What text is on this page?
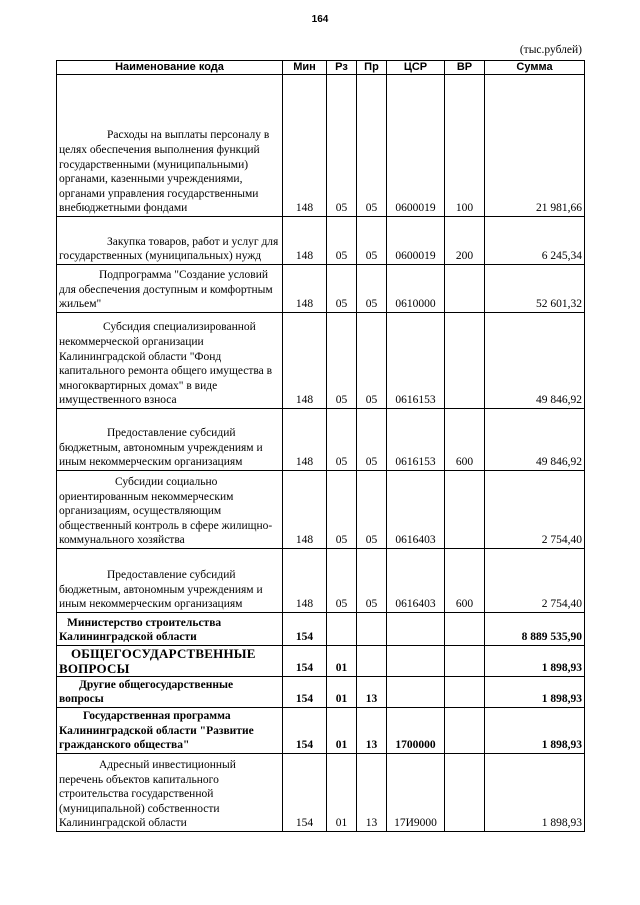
164
(тыс.рублей)
Наименование кода	Мин	Рз	Пр	ЦСР	ВР	Сумма

Расходы на выплаты персоналу в целях обеспечения выполнения функций государственными (муниципальными) органами, казенными учреждениями, органами управления государственными внебюджетными фондами	148	05	05	0600019	100	21 981,66

Закупка товаров, работ и услуг для государственных (муниципальных) нужд	148	05	05	0600019	200	6 245,34

Подпрограмма "Создание условий для обеспечения доступным и комфортным жильем"	148	05	05	0610000		52 601,32

Субсидия специализированной некоммерческой организации Калининградской области "Фонд капитального ремонта общего имущества в многоквартирных домах" в виде имущественного взноса	148	05	05	0616153		49 846,92

Предоставление субсидий бюджетным, автономным учреждениям и иным некоммерческим организациям	148	05	05	0616153	600	49 846,92

Субсидии социально ориентированным некоммерческим организациям, осуществляющим общественный контроль в сфере жилищно-коммунального хозяйства	148	05	05	0616403		2 754,40

Предоставление субсидий бюджетным, автономным учреждениям и иным некоммерческим организациям	148	05	05	0616403	600	2 754,40

Министерство строительства Калининградской области	154					8 889 535,90

ОБЩЕГОСУДАРСТВЕННЫЕ ВОПРОСЫ	154	01				1 898,93

Другие общегосударственные вопросы	154	01	13			1 898,93

Государственная программа Калининградской области "Развитие гражданского общества"	154	01	13	1700000		1 898,93

Адресный инвестиционный перечень объектов капитального строительства государственной (муниципальной) собственности Калининградской области	154	01	13	17И9000		1 898,93
